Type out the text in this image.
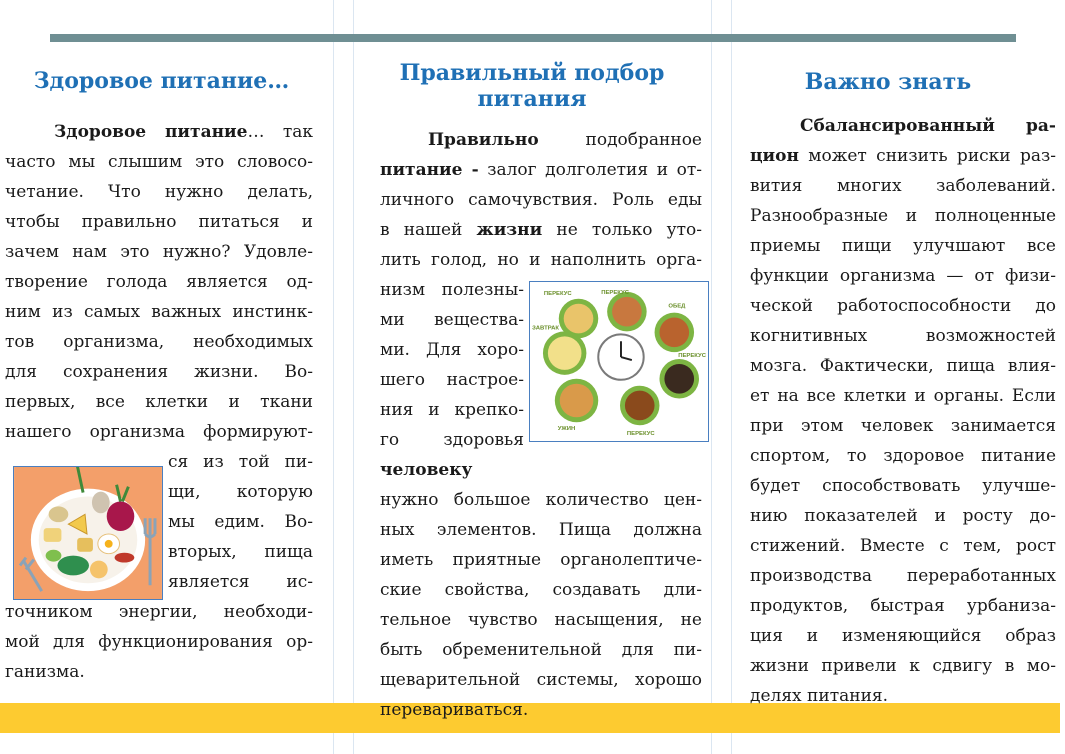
Здоровое питание…	Правильный подбор питания
Важно знать
Здоровое питание… так
часто мы слышим это словосо-
четание. Что нужно делать,
чтобы правильно питаться и
зачем нам это нужно? Удовле-
творение голода является од-
ним из самых важных инстинк-
тов организма, необходимых
для сохранения жизни. Во-
первых, все клетки и ткани
нашего организма формируют-
ся из той пи-
щи, которую
мы едим. Во-
вторых, пища
является ис-
точником энергии, необходи-
мой для функционирования ор-
ганизма.
Правильно подобранное
питание - залог долголетия и от-
личного самочувствия. Роль еды
в нашей жизни не только уто-
лить голод, но и наполнить орга-
низм полезны-
ми вещества-
ми. Для хоро-
шего настрое-
ния и крепко-
го здоровья
человеку
нужно большое количество цен-
ных элементов. Пища должна
иметь приятные органолептиче-
ские свойства, создавать дли-
тельное чувство насыщения, не
быть обременительной для пи-
щеварительной системы, хорошо
перевариваться.
Сбалансированный ра-
цион может снизить риски раз-
вития многих заболеваний.
Разнообразные и полноценные
приемы пищи улучшают все
функции организма — от физи-
ческой работоспособности до
когнитивных возможностей
мозга. Фактически, пища влия-
ет на все клетки и органы. Если
при этом человек занимается
спортом, то здоровое питание
будет способствовать улучше-
нию показателей и росту до-
стижений. Вместе с тем, рост
производства переработанных
продуктов, быстрая урбаниза-
ция и изменяющийся образ
жизни привели к сдвигу в мо-
делях питания.
ПЕРЕКУС	ПЕРЕКУС
ОБЕД
ЗАВТРАК
ПЕРЕКУС
УЖИН
ПЕРЕКУС
